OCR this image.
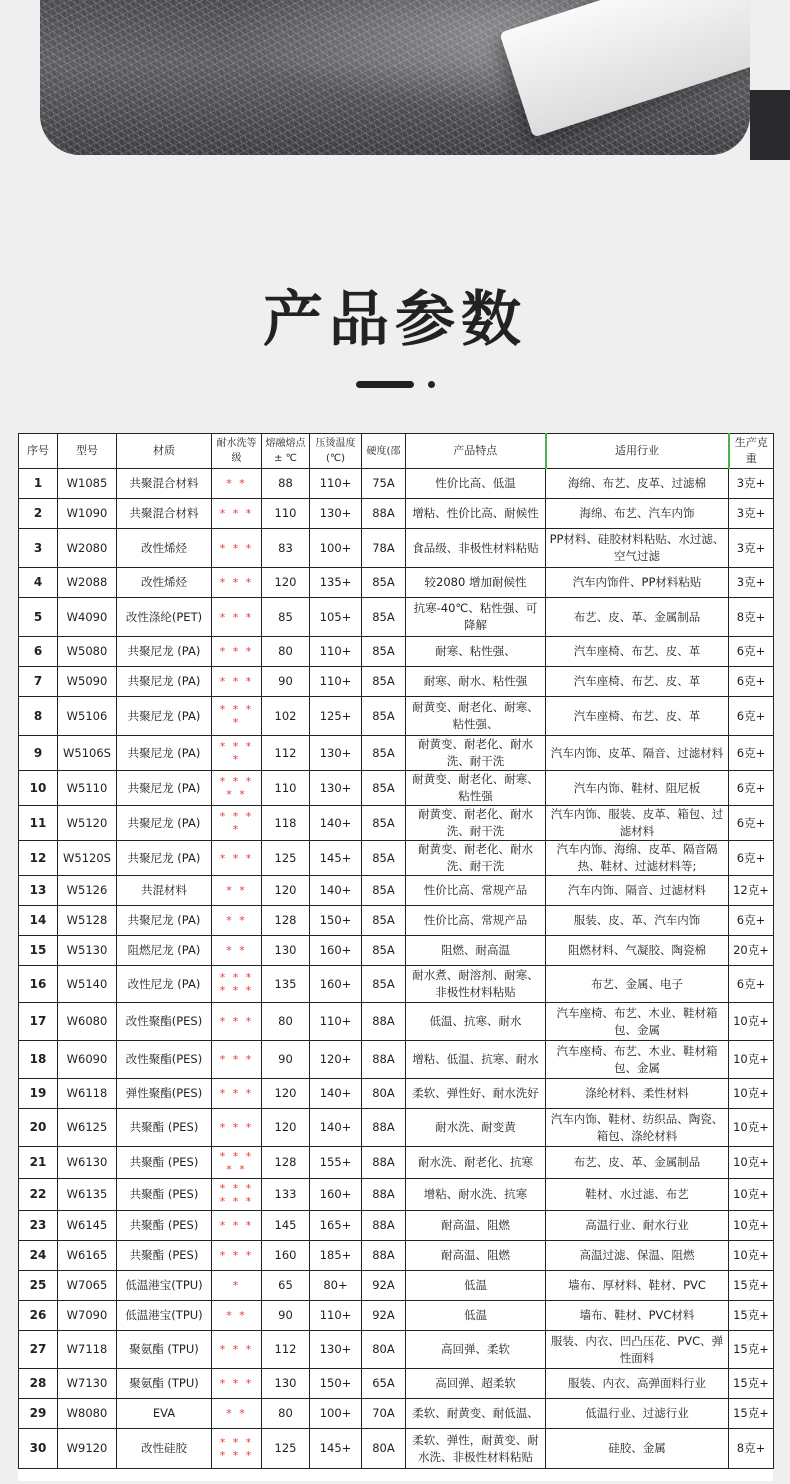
产品参数
序号	型号	材质	耐水洗等级	熔融熔点± ℃	压烫温度(℃)	硬度(邵	产品特点	适用行业	生产克重
1	W1085	共聚混合材料	* *	88	110+	75A	性价比高、低温	海绵、布艺、皮革、过滤棉	3克+
2	W1090	共聚混合材料	* * *	110	130+	88A	增粘、性价比高、耐候性	海绵、布艺、汽车内饰	3克+
3	W2080	改性烯烃	* * *	83	100+	78A	食品级、非极性材料粘贴	PP材料、硅胶材料粘贴、水过滤、空气过滤	3克+
4	W2088	改性烯烃	* * *	120	135+	85A	较2080 增加耐候性	汽车内饰件、PP材料粘贴	3克+
5	W4090	改性涤纶(PET)	* * *	85	105+	85A	抗寒-40℃、粘性强、可降解	布艺、皮、革、金属制品	8克+
6	W5080	共聚尼龙 (PA)	* * *	80	110+	85A	耐寒、粘性强、	汽车座椅、布艺、皮、革	6克+
7	W5090	共聚尼龙 (PA)	* * *	90	110+	85A	耐寒、耐水、粘性强	汽车座椅、布艺、皮、革	6克+
8	W5106	共聚尼龙 (PA)	* * * *	102	125+	85A	耐黄变、耐老化、耐寒、粘性强、	汽车座椅、布艺、皮、革	6克+
9	W5106S	共聚尼龙 (PA)	* * * *	112	130+	85A	耐黄变、耐老化、耐水洗、耐干洗	汽车内饰、皮革、隔音、过滤材料	6克+
10	W5110	共聚尼龙 (PA)	* * * * *	110	130+	85A	耐黄变、耐老化、耐寒、粘性强	汽车内饰、鞋材、阻尼板	6克+
11	W5120	共聚尼龙 (PA)	* * * *	118	140+	85A	耐黄变、耐老化、耐水洗、耐干洗	汽车内饰、服装、皮革、箱包、过滤材料	6克+
12	W5120S	共聚尼龙 (PA)	* * *	125	145+	85A	耐黄变、耐老化、耐水洗、耐干洗	汽车内饰、海绵、皮革、隔音隔热、鞋材、过滤材料等;	6克+
13	W5126	共混材料	* *	120	140+	85A	性价比高、常规产品	汽车内饰、隔音、过滤材料	12克+
14	W5128	共聚尼龙 (PA)	* *	128	150+	85A	性价比高、常规产品	服装、皮、革、汽车内饰	6克+
15	W5130	阻燃尼龙 (PA)	* *	130	160+	85A	阻燃、耐高温	阻燃材料、气凝胶、陶瓷棉	20克+
16	W5140	改性尼龙 (PA)	* * * * * *	135	160+	85A	耐水煮、耐溶剂、耐寒、非极性材料粘贴	布艺、金属、电子	6克+
17	W6080	改性聚酯(PES)	* * *	80	110+	88A	低温、抗寒、耐水	汽车座椅、布艺、木业、鞋材箱包、金属	10克+
18	W6090	改性聚酯(PES)	* * *	90	120+	88A	增粘、低温、抗寒、耐水	汽车座椅、布艺、木业、鞋材箱包、金属	10克+
19	W6118	弹性聚酯(PES)	* * *	120	140+	80A	柔软、弹性好、耐水洗好	涤纶材料、柔性材料	10克+
20	W6125	共聚酯 (PES)	* * *	120	140+	88A	耐水洗、耐变黄	汽车内饰、鞋材、纺织品、陶瓷、箱包、涤纶材料	10克+
21	W6130	共聚酯 (PES)	* * * * *	128	155+	88A	耐水洗、耐老化、抗寒	布艺、皮、革、金属制品	10克+
22	W6135	共聚酯 (PES)	* * * * * *	133	160+	88A	增粘、耐水洗、抗寒	鞋材、水过滤、布艺	10克+
23	W6145	共聚酯 (PES)	* * *	145	165+	88A	耐高温、阻燃	高温行业、耐水行业	10克+
24	W6165	共聚酯 (PES)	* * *	160	185+	88A	耐高温、阻燃	高温过滤、保温、阻燃	10克+
25	W7065	低温港宝(TPU)	*	65	80+	92A	低温	墙布、厚材料、鞋材、PVC	15克+
26	W7090	低温港宝(TPU)	* *	90	110+	92A	低温	墙布、鞋材、PVC材料	15克+
27	W7118	聚氨酯 (TPU)	* * *	112	130+	80A	高回弹、柔软	服装、内衣、凹凸压花、PVC、弹性面料	15克+
28	W7130	聚氨酯 (TPU)	* * *	130	150+	65A	高回弹、超柔软	服装、内衣、高弹面料行业	15克+
29	W8080	EVA	* *	80	100+	70A	柔软、耐黄变、耐低温、	低温行业、过滤行业	15克+
30	W9120	改性硅胶	* * * * * *	125	145+	80A	柔软、弹性，耐黄变、耐水洗、非极性材料粘贴	硅胶、金属	8克+
